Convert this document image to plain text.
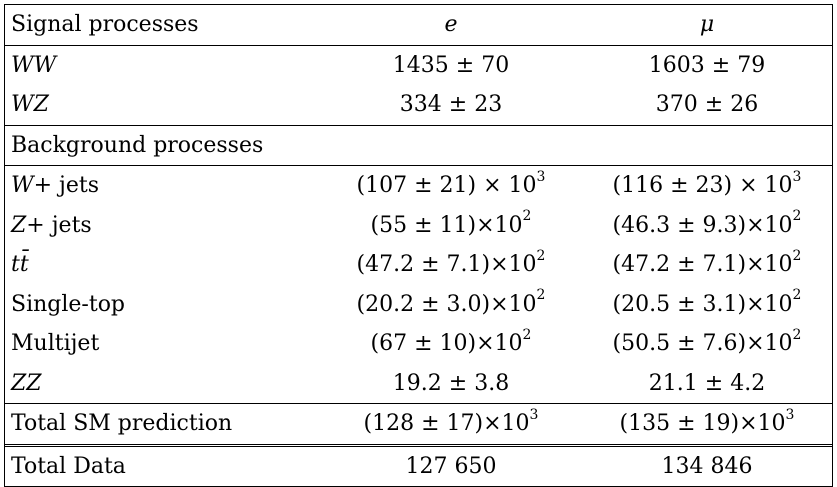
Signal processes	e	μ
WW	1435 ± 70	1603 ± 79
WZ	334 ± 23	370 ± 26
Background processes		
W+ jets	$(107 \pm 21) \times 10^3$	$(116 \pm 23) \times 10^3$
Z+ jets	$(55 \pm 11)\times 10^2$	$(46.3 \pm 9.3)\times 10^2$
tt̄	$(47.2 \pm 7.1)\times 10^2$	$(47.2 \pm 7.1)\times 10^2$
Single-top	$(20.2 \pm 3.0)\times 10^2$	$(20.5 \pm 3.1)\times 10^2$
Multijet	$(67 \pm 10)\times 10^2$	$(50.5 \pm 7.6)\times 10^2$
ZZ	19.2 ± 3.8	21.1 ± 4.2
Total SM prediction	$(128 \pm 17)\times 10^3$	$(135 \pm 19)\times 10^3$
Total Data	127 650	134 846
